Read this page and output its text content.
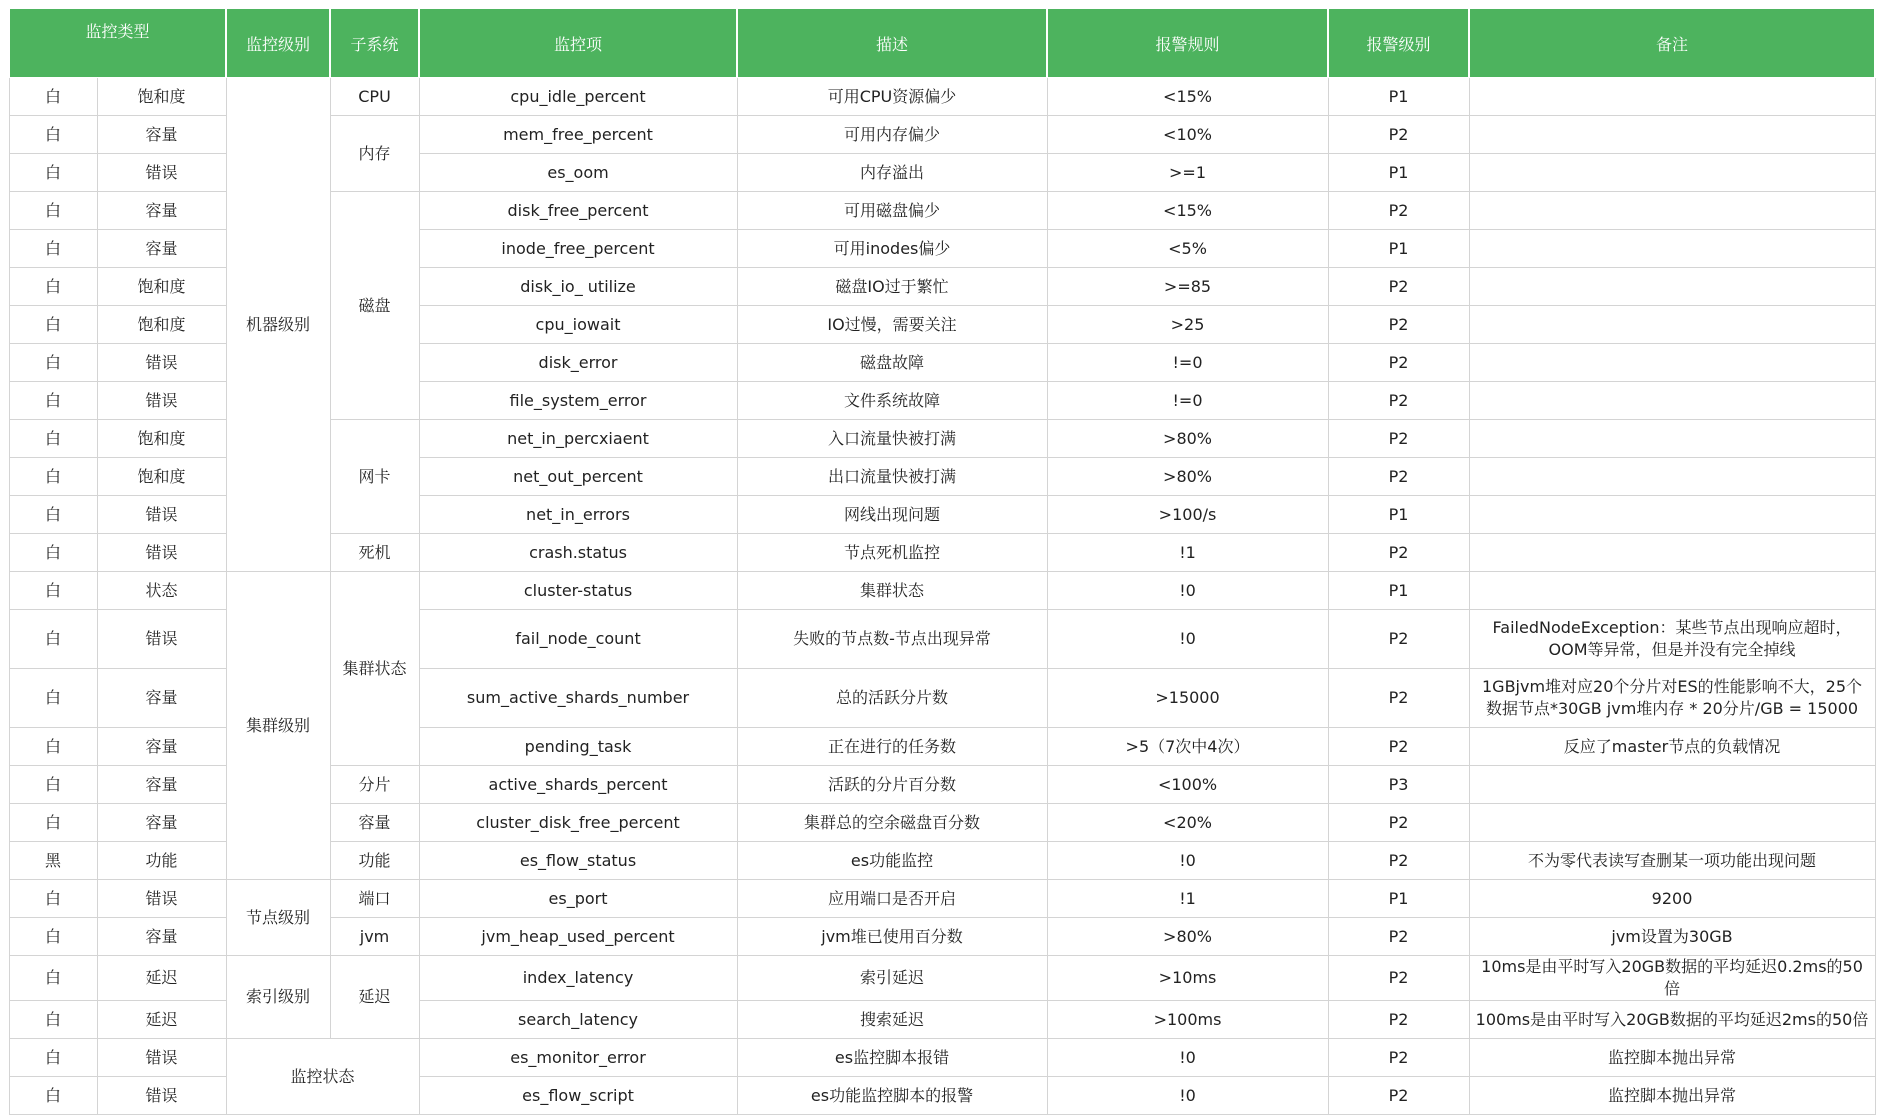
监控类型		监控级别	子系统	监控项	描述	报警规则	报警级别	备注
白	饱和度	机器级别	CPU	cpu_idle_percent	可用CPU资源偏少	<15%	P1	
白	容量		内存	mem_free_percent	可用内存偏少	<10%	P2	
白	错误			es_oom	内存溢出	>=1	P1	
白	容量		磁盘	disk_free_percent	可用磁盘偏少	<15%	P2	
白	容量			inode_free_percent	可用inodes偏少	<5%	P1	
白	饱和度			disk_io_ utilize	磁盘IO过于繁忙	>=85	P2	
白	饱和度			cpu_iowait	IO过慢，需要关注	>25	P2	
白	错误			disk_error	磁盘故障	!=0	P2	
白	错误			file_system_error	文件系统故障	!=0	P2	
白	饱和度		网卡	net_in_percxiaent	入口流量快被打满	>80%	P2	
白	饱和度			net_out_percent	出口流量快被打满	>80%	P2	
白	错误			net_in_errors	网线出现问题	>100/s	P1	
白	错误		死机	crash.status	节点死机监控	!1	P2	
白	状态	集群级别	集群状态	cluster-status	集群状态	!0	P1	
白	错误			fail_node_count	失败的节点数-节点出现异常	!0	P2	FailedNodeException：某些节点出现响应超时，OOM等异常，但是并没有完全掉线
白	容量			sum_active_shards_number	总的活跃分片数	>15000	P2	1GBjvm堆对应20个分片对ES的性能影响不大，25个数据节点*30GB jvm堆内存 * 20分片/GB = 15000
白	容量			pending_task	正在进行的任务数	>5（7次中4次）	P2	反应了master节点的负载情况
白	容量		分片	active_shards_percent	活跃的分片百分数	<100%	P3	
白	容量		容量	cluster_disk_free_percent	集群总的空余磁盘百分数	<20%	P2	
黑	功能		功能	es_flow_status	es功能监控	!0	P2	不为零代表读写查删某一项功能出现问题
白	错误	节点级别	端口	es_port	应用端口是否开启	!1	P1	9200
白	容量		jvm	jvm_heap_used_percent	jvm堆已使用百分数	>80%	P2	jvm设置为30GB
白	延迟	索引级别	延迟	index_latency	索引延迟	>10ms	P2	10ms是由平时写入20GB数据的平均延迟0.2ms的50倍
白	延迟			search_latency	搜索延迟	>100ms	P2	100ms是由平时写入20GB数据的平均延迟2ms的50倍
白	错误	监控状态		es_monitor_error	es监控脚本报错	!0	P2	监控脚本抛出异常
白	错误			es_flow_script	es功能监控脚本的报警	!0	P2	监控脚本抛出异常
